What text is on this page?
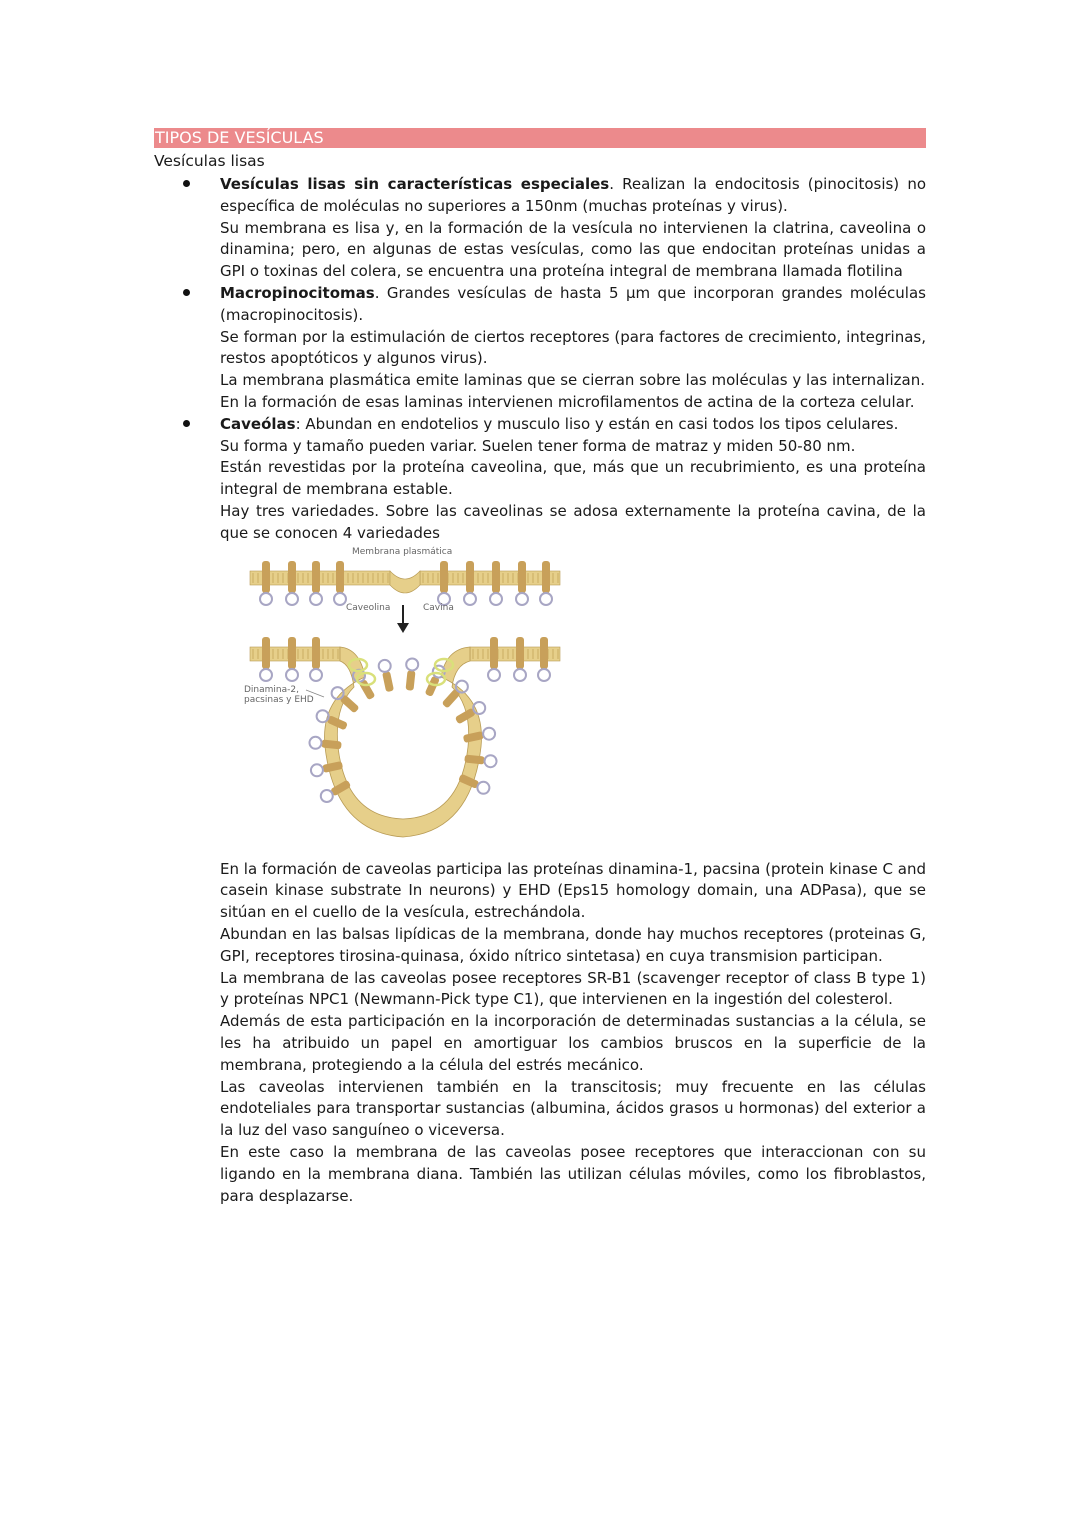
TIPOS DE VESÍCULAS
Vesículas lisas

Vesículas lisas sin características especiales. Realizan la endocitosis (pinocitosis) no específica de moléculas no superiores a 150nm (muchas proteínas y virus).

Su membrana es lisa y, en la formación de la vesícula no intervienen la clatrina, caveolina o dinamina; pero, en algunas de estas vesículas, como las que endocitan proteínas unidas a GPI o toxinas del colera, se encuentra una proteína integral de membrana llamada flotilina

Macropinocitomas. Grandes vesículas de hasta 5 µm que incorporan grandes moléculas (macropinocitosis).

Se forman por la estimulación de ciertos receptores (para factores de crecimiento, integrinas, restos apoptóticos y algunos virus).

La membrana plasmática emite laminas que se cierran sobre las moléculas y las internalizan.

En la formación de esas laminas intervienen microfilamentos de actina de la corteza celular.

Caveólas: Abundan en endotelios y musculo liso y están en casi todos los tipos celulares.

Su forma y tamaño pueden variar. Suelen tener forma de matraz y miden 50-80 nm.

Están revestidas por la proteína caveolina, que, más que un recubrimiento, es una proteína integral de membrana estable.

Hay tres variedades. Sobre las caveolinas se adosa externamente la proteína cavina, de la que se conocen 4 variedades

Membrana plasmática
Caveolina	Cavina
Dinamina-2,
pacsinas y EHD

En la formación de caveolas participa las proteínas dinamina-1, pacsina (protein kinase C and casein kinase substrate In neurons) y EHD (Eps15 homology domain, una ADPasa), que se sitúan en el cuello de la vesícula, estrechándola.

Abundan en las balsas lipídicas de la membrana, donde hay muchos receptores (proteinas G, GPI, receptores tirosina-quinasa, óxido nítrico sintetasa) en cuya transmision participan.

La membrana de las caveolas posee receptores SR-B1 (scavenger receptor of class B type 1) y proteínas NPC1 (Newmann-Pick type C1), que intervienen en la ingestión del colesterol.

Además de esta participación en la incorporación de determinadas sustancias a la célula, se les ha atribuido un papel en amortiguar los cambios bruscos en la superficie de la membrana, protegiendo a la célula del estrés mecánico.

Las caveolas intervienen también en la transcitosis; muy frecuente en las células endoteliales para transportar sustancias (albumina, ácidos grasos u hormonas) del exterior a la luz del vaso sanguíneo o viceversa.

En este caso la membrana de las caveolas posee receptores que interaccionan con su ligando en la membrana diana. También las utilizan células móviles, como los fibroblastos, para desplazarse.
